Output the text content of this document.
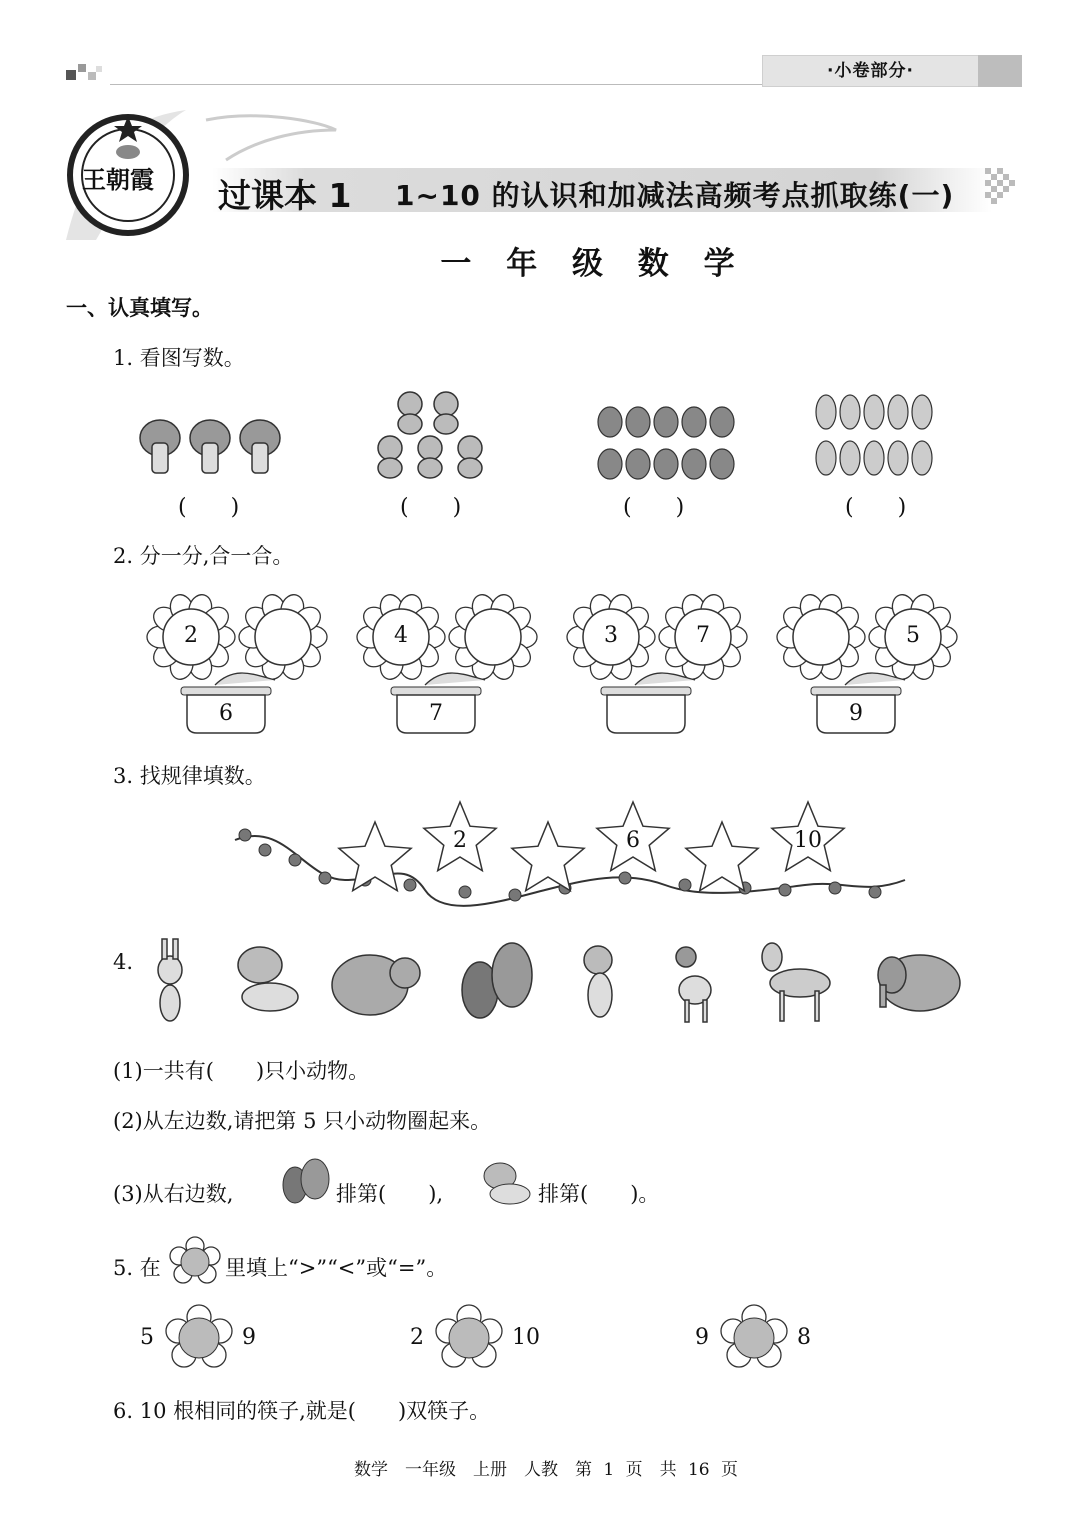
·小卷部分·
王朝霞 过课本 1 1~10 的认识和加减法高频考点抓取练(一)
一 年 级 数 学
一、认真填写。
1. 看图写数。
(　　)	(　　)	(　　)	(　　)
2. 分一分,合一合。
2
6
4
7
3	7	5
9
3. 找规律填数。
2	6	10
4.
(1)一共有(　　)只小动物。
(2)从左边数,请把第 5 只小动物圈起来。
(3)从右边数,	排第(　　),	排第(　　)。
5. 在	里填上“>”“<”或“=”。
5	9	2	10	9	8
6. 10 根相同的筷子,就是(　　)双筷子。
数学　一年级　上册　人教　第 1 页　共 16 页
